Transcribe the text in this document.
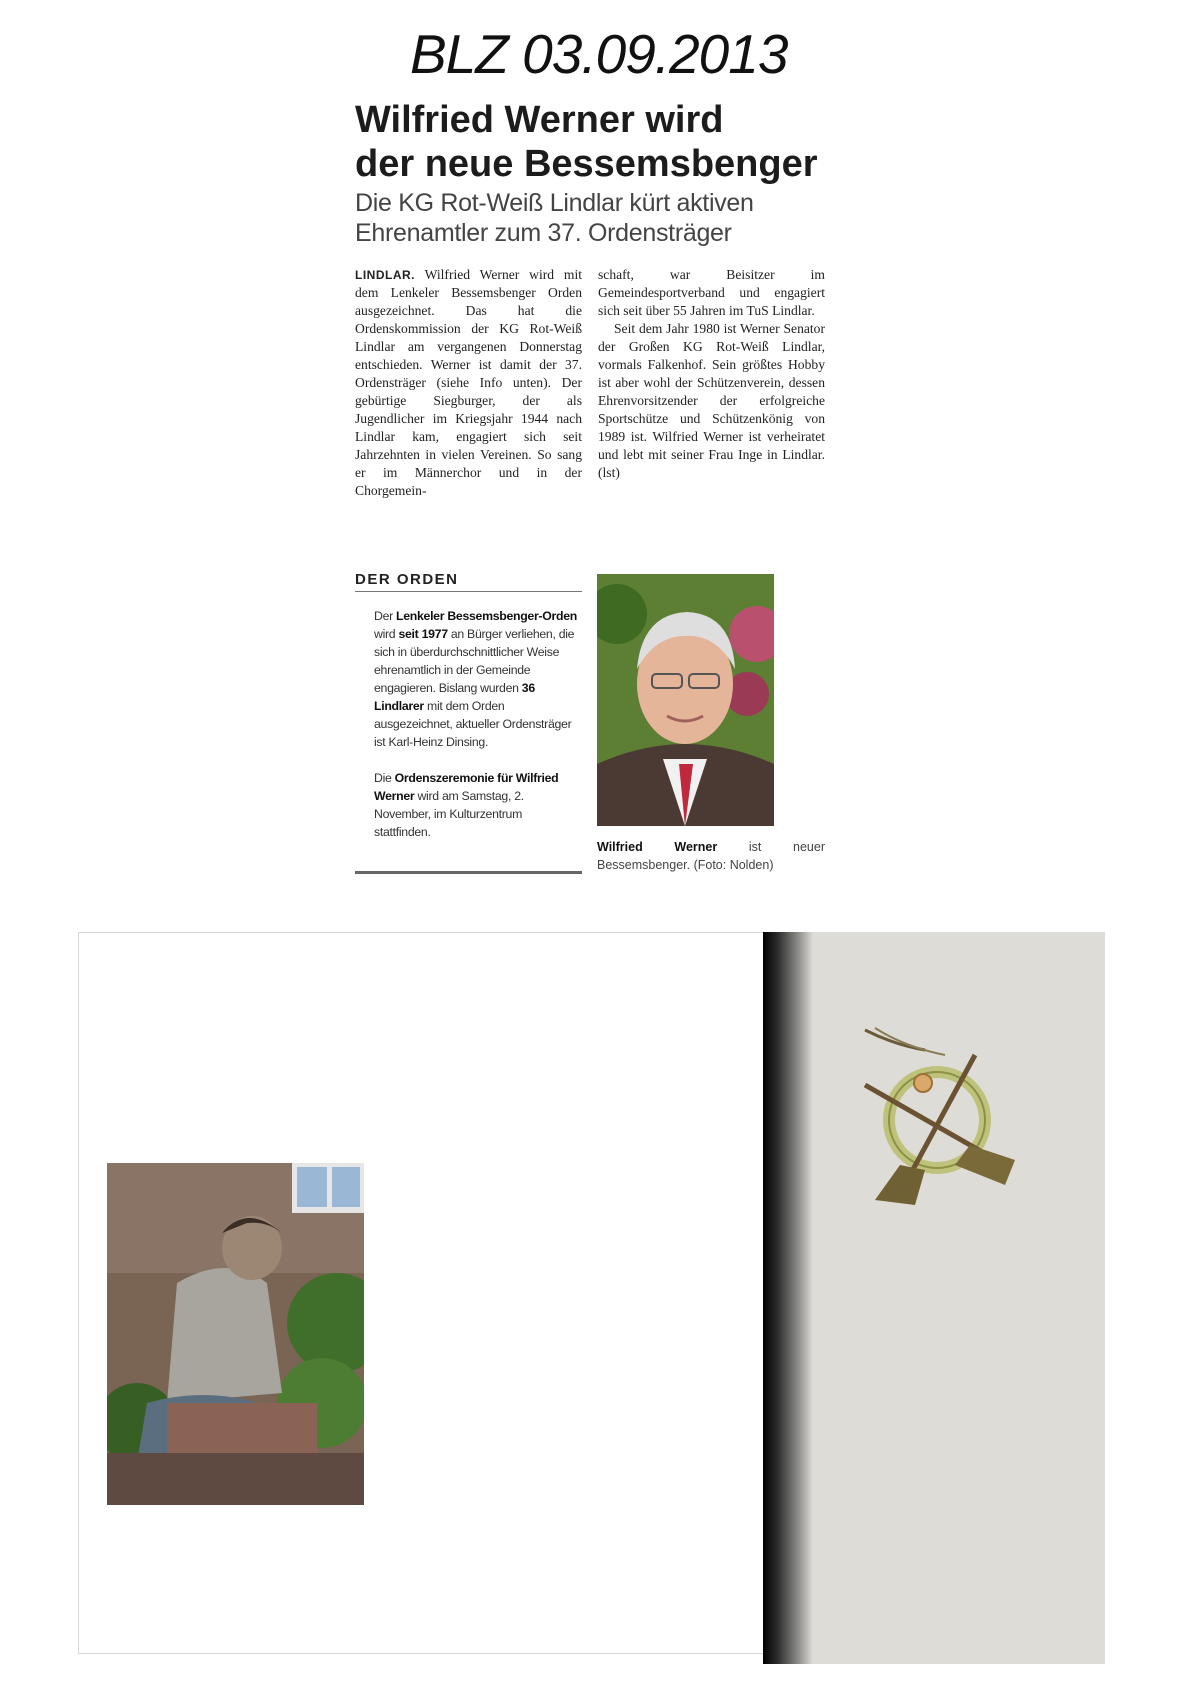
BLZ 03.09.2013
Wilfried Werner wird
der neue Bessemsbenger
Die KG Rot-Weiß Lindlar kürt aktiven
Ehrenamtler zum 37. Ordensträger

LINDLAR. Wilfried Werner wird mit dem Lenkeler Bessemsbenger Orden ausgezeichnet. Das hat die Ordenskommission der KG Rot-Weiß Lindlar am vergangenen Donnerstag entschieden. Werner ist damit der 37. Ordensträger (siehe Info unten). Der gebürtige Siegburger, der als Jugendlicher im Kriegsjahr 1944 nach Lindlar kam, engagiert sich seit Jahrzehnten in vielen Vereinen. So sang er im Männerchor und in der Chorgemein-

schaft, war Beisitzer im Gemeindesportverband und engagiert sich seit über 55 Jahren im TuS Lindlar.

Seit dem Jahr 1980 ist Werner Senator der Großen KG Rot-Weiß Lindlar, vormals Falkenhof. Sein größtes Hobby ist aber wohl der Schützenverein, dessen Ehrenvorsitzender der erfolgreiche Sportschütze und Schützenkönig von 1989 ist. Wilfried Werner ist verheiratet und lebt mit seiner Frau Inge in Lindlar. (lst)

DER ORDEN

Der Lenkeler Bessemsbenger-Orden wird seit 1977 an Bürger verliehen, die sich in überdurchschnittlicher Weise ehrenamtlich in der Gemeinde engagieren. Bislang wurden 36 Lindlarer mit dem Orden ausgezeichnet, aktueller Ordensträger ist Karl-Heinz Dinsing.

Die Ordenszeremonie für Wilfried Werner wird am Samstag, 2. November, im Kulturzentrum stattfinden.

Wilfried Werner ist neuer Bessemsbenger. (Foto: Nolden)
